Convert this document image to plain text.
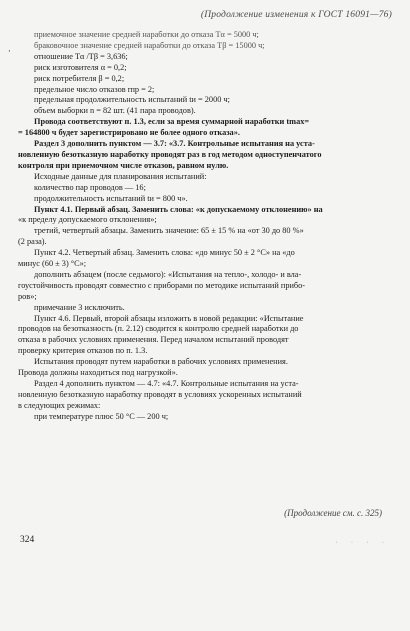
(Продолжение изменения к ГОСТ 16091—76)
‚
приемочное значение средней наработки до отказа Tα = 5000 ч;
браковочное значение средней наработки до отказа Tβ = 15000 ч;
отношение Tα /Tβ = 3,636;
риск изготовителя α = 0,2;
риск потребителя β = 0,2;
предельное число отказов rпр = 2;
предельная продолжительность испытаний tи = 2000 ч;
объем выборки n = 82 шт. (41 пара проводов).
Провода соответствуют п. 1.3, если за время суммарной наработки tmax=
= 164800 ч будет зарегистрировано не более одного отказа».
Раздел 3 дополнить пунктом — 3.7: «3.7. Контрольные испытания на уста-
новленную безотказную наработку проводят раз в год методом одноступенчатого
контроля при приемочном числе отказов, равном нулю.
Исходные данные для планирования испытаний:
количество пар проводов — 16;
продолжительность испытаний tи = 800 ч».
Пункт 4.1. Первый абзац. Заменить слова: «к допускаемому отклонению» на
«к пределу допускаемого отклонения»;
третий, четвертый абзацы. Заменить значение: 65 ± 15 % на «от 30 до 80 %»
(2 раза).
Пункт 4.2. Четвертый абзац. Заменить слова: «до минус 50 ± 2 °С» на «до
минус (60 ± 3) °С»;
дополнить абзацем (после седьмого): «Испытания на тепло-, холодо- и вла-
гоустойчивость проводят совместно с приборами по методике испытаний прибо-
ров»;
примечание 3 исключить.
Пункт 4.6. Первый, второй абзацы изложить в новой редакции: «Испытание
проводов на безотказность (п. 2.12) сводится к контролю средней наработки до
отказа в рабочих условиях применения. Перед началом испытаний проводят
проверку критерия отказов по п. 1.3.
Испытания проводят путем наработки в рабочих условиях применения.
Провода должны находиться под нагрузкой».
Раздел 4 дополнить пунктом — 4.7: «4.7. Контрольные испытания на уста-
новленную безотказную наработку проводят в условиях ускоренных испытаний
в следующих режимах:
при температуре плюс 50 °С — 200 ч;
(Продолжение см. с. 325)
324	· · · ·
